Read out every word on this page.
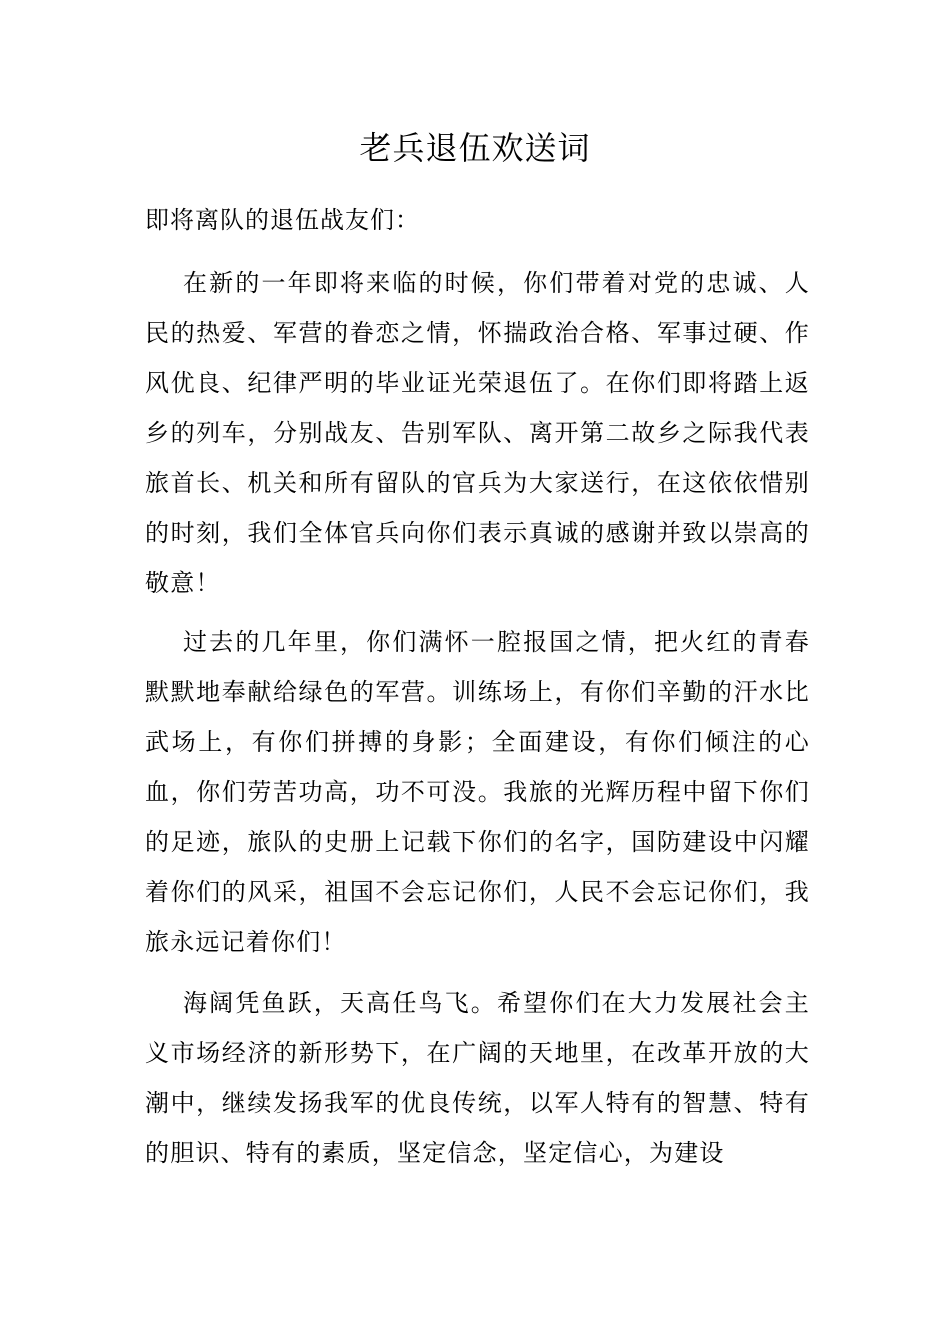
老兵退伍欢送词

即将离队的退伍战友们：

在新的一年即将来临的时候，你们带着对党的忠诚、人民的热爱、军营的眷恋之情，怀揣政治合格、军事过硬、作风优良、纪律严明的毕业证光荣退伍了。在你们即将踏上返乡的列车，分别战友、告别军队、离开第二故乡之际我代表旅首长、机关和所有留队的官兵为大家送行，在这依依惜别的时刻，我们全体官兵向你们表示真诚的感谢并致以崇高的敬意！

过去的几年里，你们满怀一腔报国之情，把火红的青春默默地奉献给绿色的军营。训练场上，有你们辛勤的汗水比武场上，有你们拼搏的身影；全面建设，有你们倾注的心血，你们劳苦功高，功不可没。我旅的光辉历程中留下你们的足迹，旅队的史册上记载下你们的名字，国防建设中闪耀着你们的风采，祖国不会忘记你们，人民不会忘记你们，我旅永远记着你们！

海阔凭鱼跃，天高任鸟飞。希望你们在大力发展社会主义市场经济的新形势下，在广阔的天地里，在改革开放的大潮中，继续发扬我军的优良传统，以军人特有的智慧、特有的胆识、特有的素质，坚定信念，坚定信心，为建设
